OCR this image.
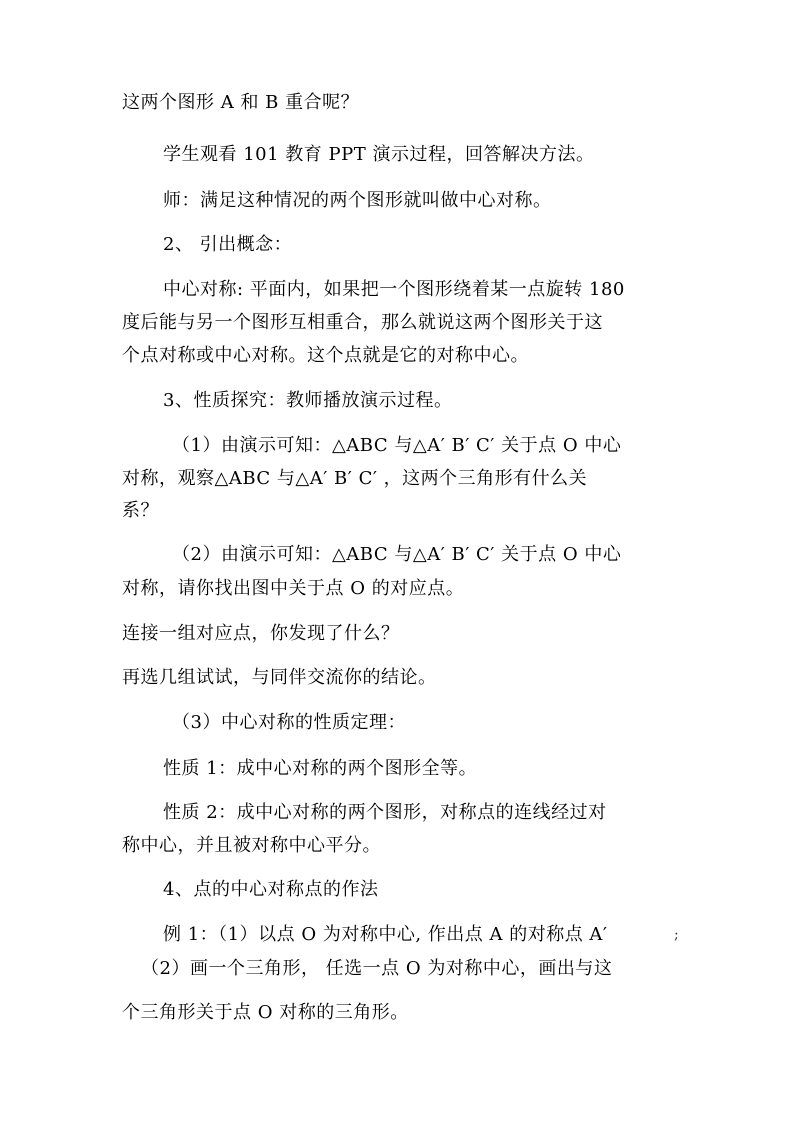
这两个图形 A 和 B 重合呢？
学生观看 101 教育 PPT 演示过程，回答解决方法。
师：满足这种情况的两个图形就叫做中心对称。
2、 引出概念：
中心对称: 平面内，如果把一个图形绕着某一点旋转 180
度后能与另一个图形互相重合，那么就说这两个图形关于这
个点对称或中心对称。这个点就是它的对称中心。
3、性质探究：教师播放演示过程。
（1）由演示可知：△ABC 与△A′ B′ C′ 关于点 O 中心
对称，观察△ABC 与△A′ B′ C′ ，这两个三角形有什么关
系？
（2）由演示可知：△ABC 与△A′ B′ C′ 关于点 O 中心
对称，请你找出图中关于点 O 的对应点。
连接一组对应点，你发现了什么？
再选几组试试，与同伴交流你的结论。
（3）中心对称的性质定理：
性质 1：成中心对称的两个图形全等。
性质 2：成中心对称的两个图形，对称点的连线经过对
称中心，并且被对称中心平分。
4、点的中心对称点的作法
例 1：（1）以点 O 为对称中心, 作出点 A 的对称点 A′
（2）画一个三角形， 任选一点 O 为对称中心，画出与这
个三角形关于点 O 对称的三角形。
;
